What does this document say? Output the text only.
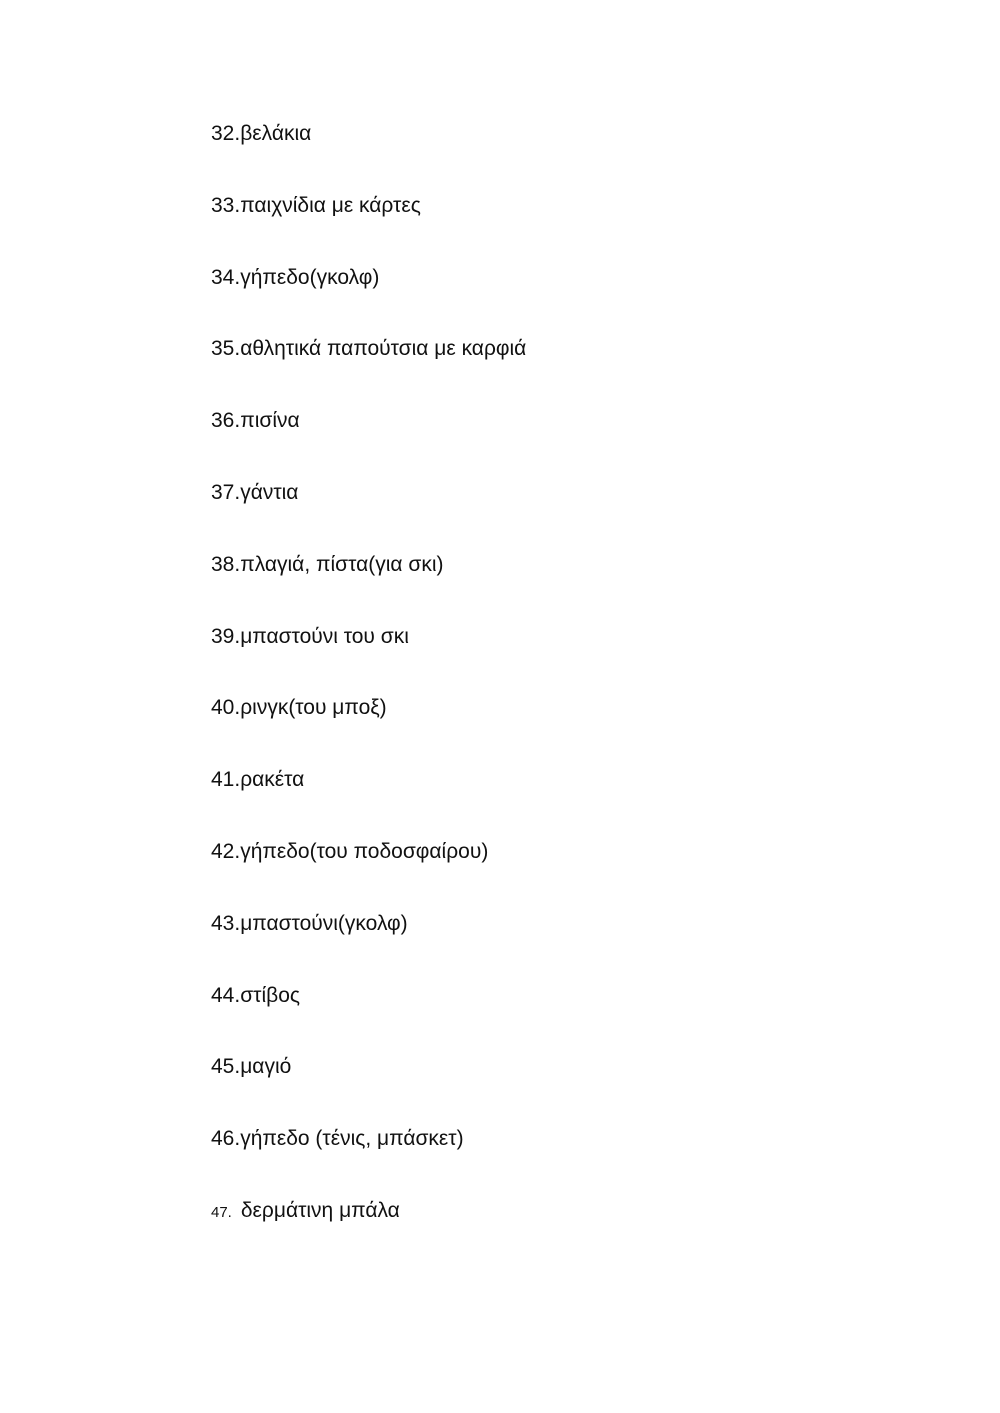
32.βελάκια
33.παιχνίδια με κάρτες
34.γήπεδο(γκολφ)
35.αθλητικά παπούτσια με καρφιά
36.πισίνα
37.γάντια
38.πλαγιά, πίστα(για σκι)
39.μπαστούνι του σκι
40.ρινγκ(του μποξ)
41.ρακέτα
42.γήπεδο(του ποδοσφαίρου)
43.μπαστούνι(γκολφ)
44.στίβος
45.μαγιό
46.γήπεδο (τένις, μπάσκετ)
47. δερμάτινη μπάλα
